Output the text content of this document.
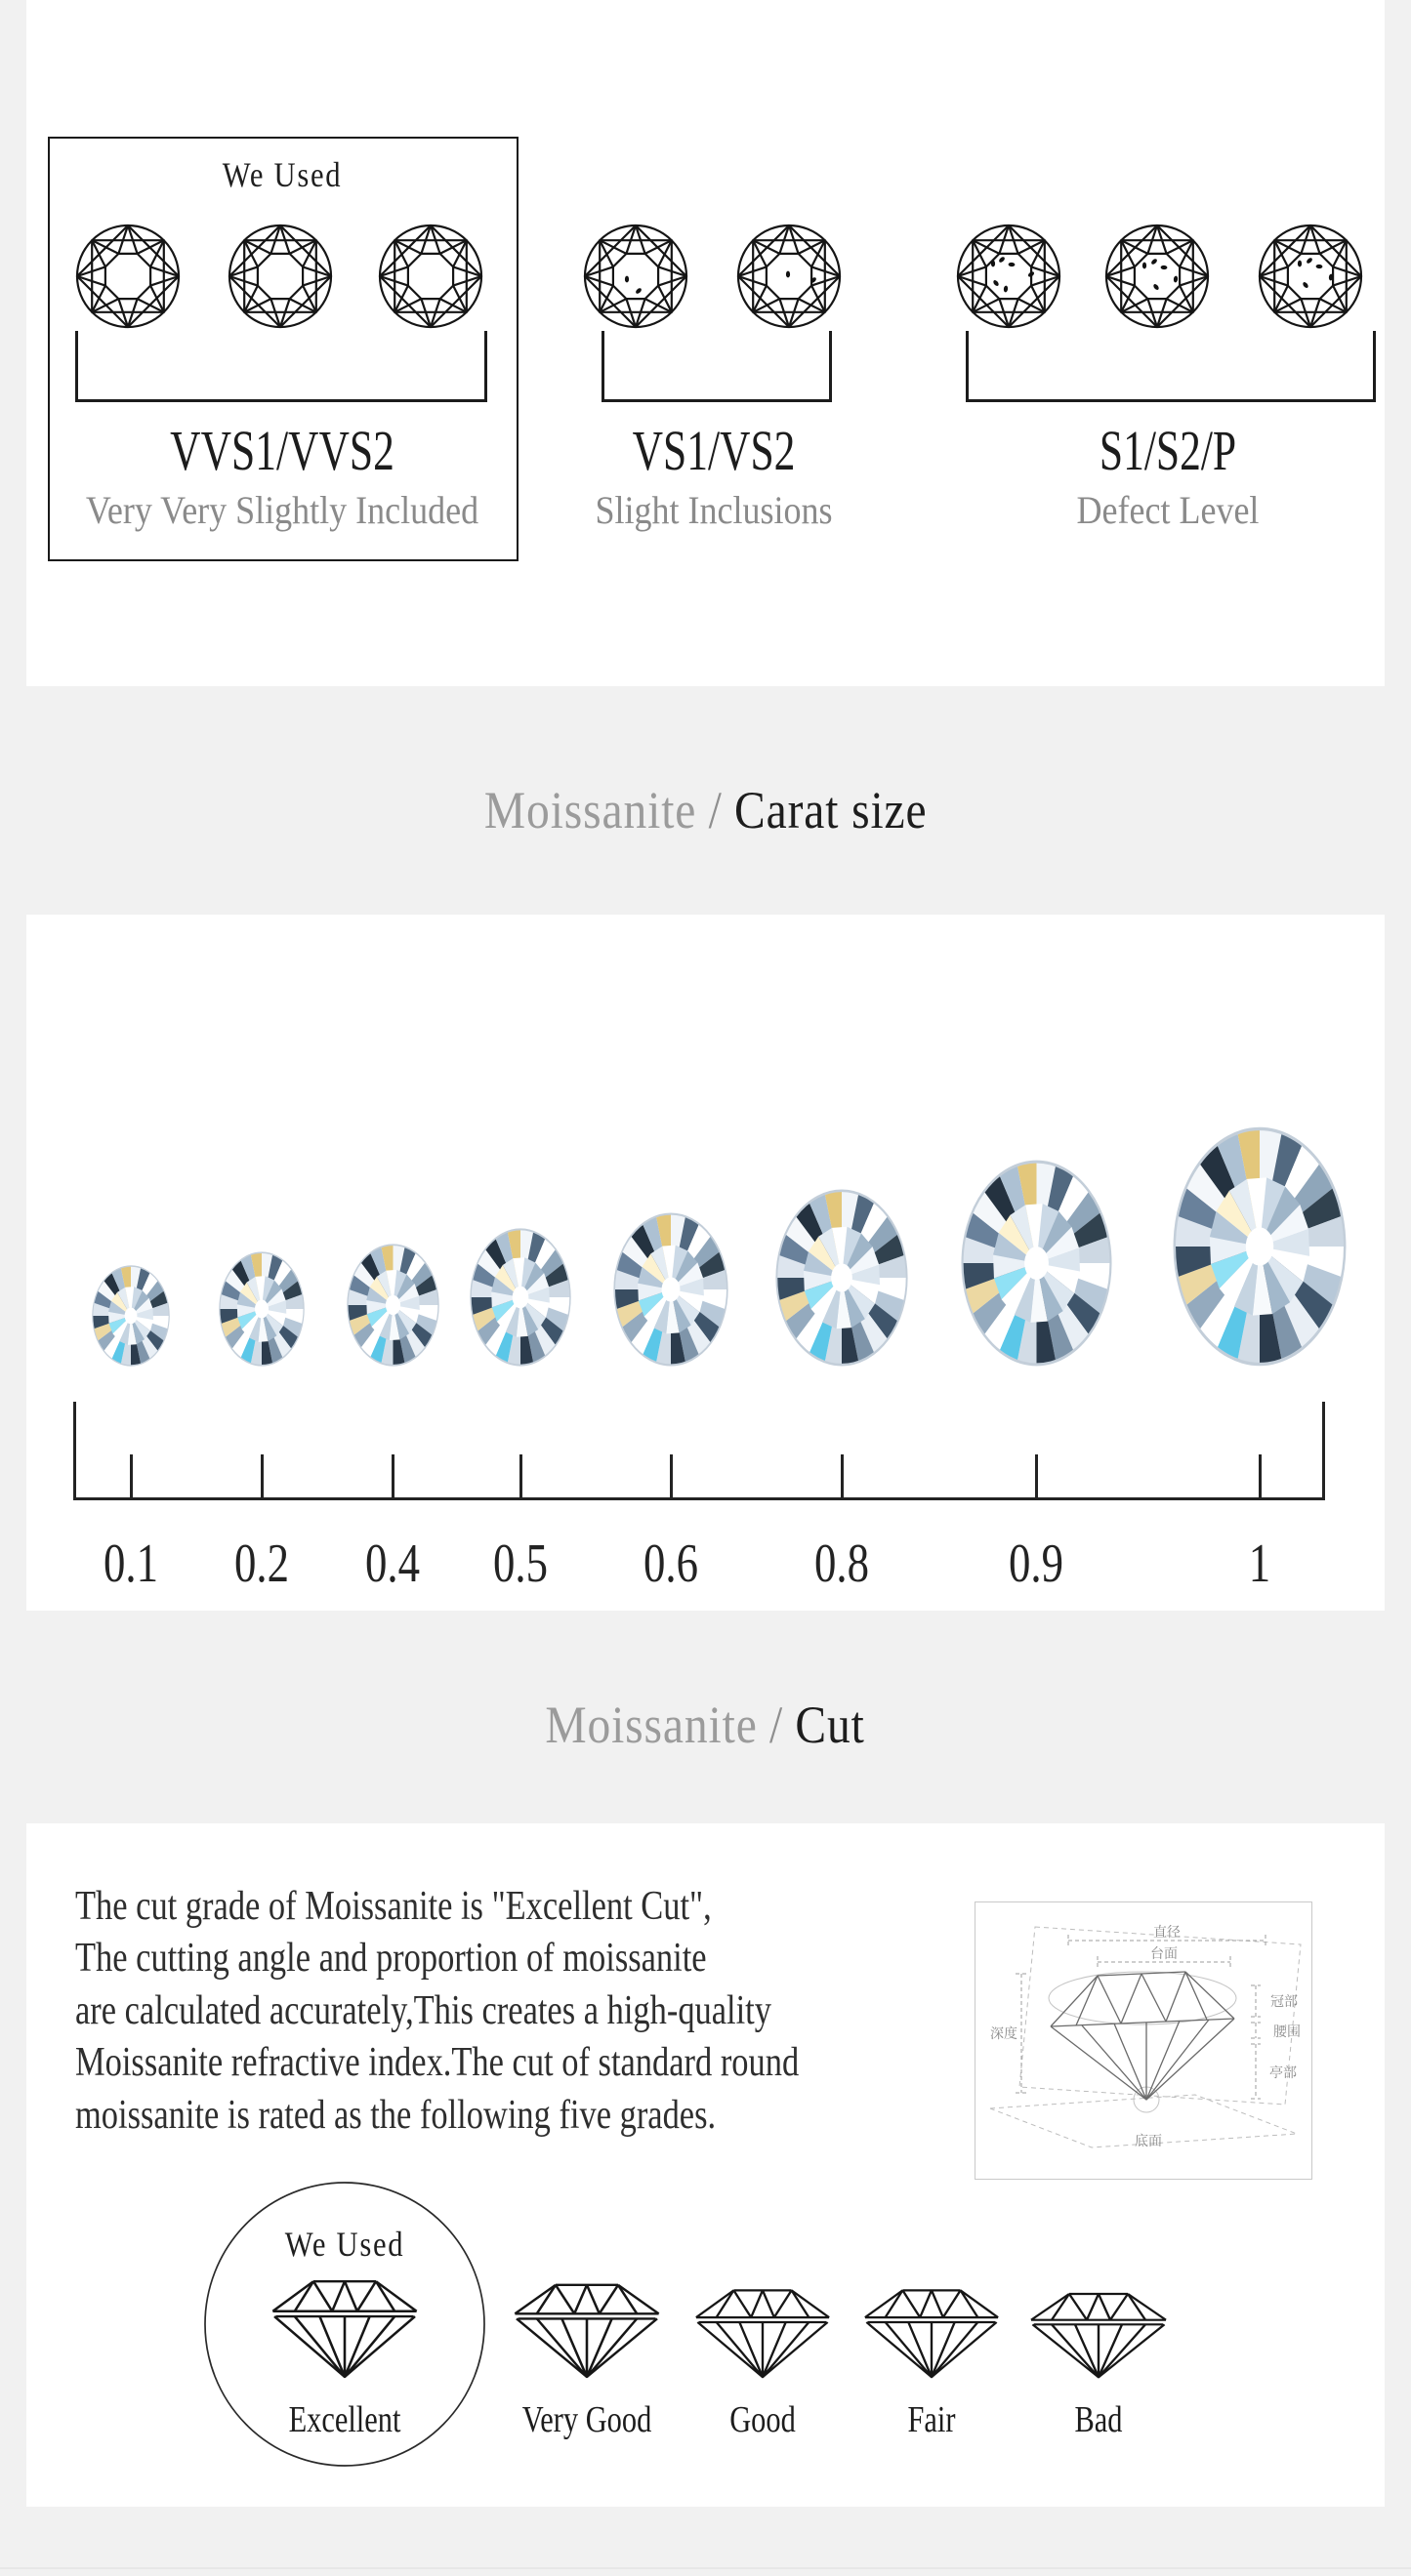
We Used
Moissanite / Carat size
Moissanite / Cut
直径
台面
冠部
腰围
亭部
深度
底面
We Used
VVS1/VVS2
Very Very Slightly Included
VS1/VS2
Slight Inclusions
S1/S2/P
Defect Level
0.1 0.2 0.4 0.5 0.6 0.8	0.9	1
The cut grade of Moissanite is "Excellent Cut",
The cutting angle and proportion of moissanite
are calculated accurately,This creates a high-quality
Moissanite refractive index.The cut of standard round
moissanite is rated as the following five grades.
Excellent	Very Good	Good	Fair	Bad
